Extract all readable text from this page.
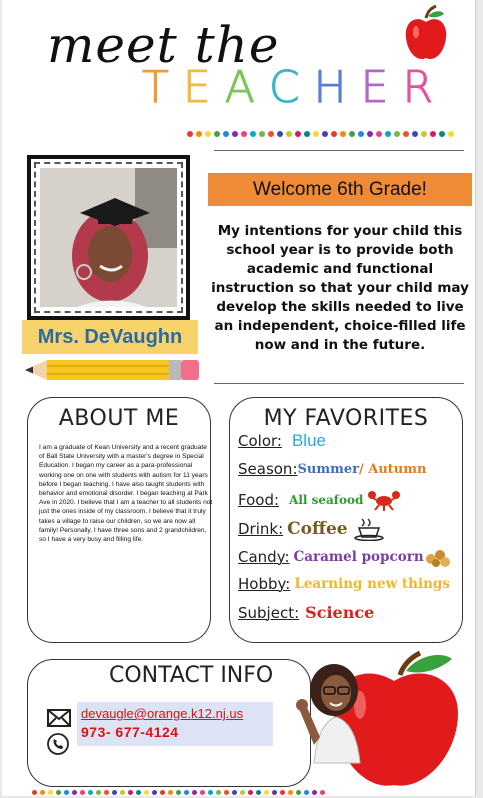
meet the
T E A C H E R
Mrs. DeVaughn
Welcome 6th Grade!
My intentions for your child this school year is to provide both academic and functional instruction so that your child may develop the skills needed to live an independent, choice-filled life now and in the future.
ABOUT ME
I am a graduate of Kean University and a recent graduate of Ball State University with a master's degree in Special Education. I began my career as a para-professional working one on one with students with autism for 11 years before I began teaching. I have also taught students with behavior and emotional disorder. I began teaching at Park Ave in 2020. I believe that I am a teacher to all students not just the ones inside of my classroom. I believe that it truly takes a village to raise our children, so we are now all family! Personally, I have three sons and 2 grandchildren, so I have a very busy and filling life.
MY FAVORITES
Color: Blue
Season: Summer / Autumn
Food: All seafood
Drink: Coffee
Candy: Caramel popcorn
Hobby: Learning new things
Subject: Science
CONTACT INFO
devaugle@orange.k12.nj.us
973- 677-4124
